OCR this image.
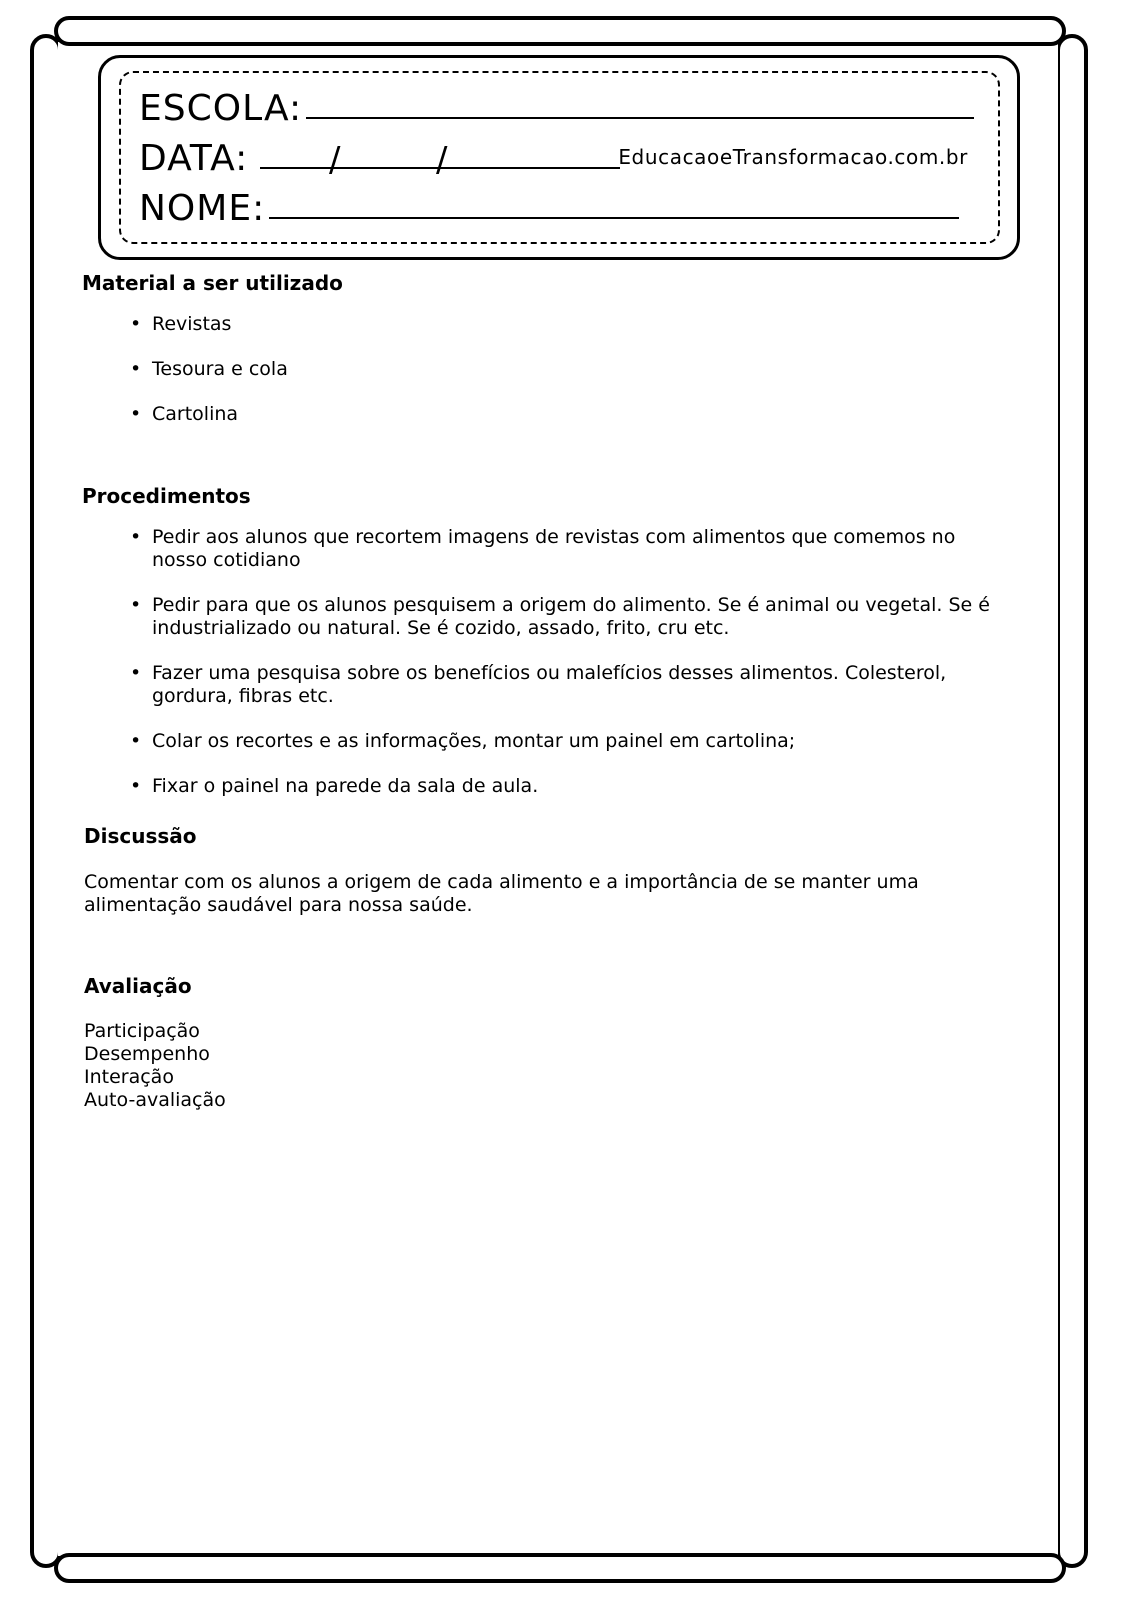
ESCOLA:
DATA: /	/	EducacaoeTransformacao.com.br
NOME:
Material a ser utilizado
• Revistas
• Tesoura e cola
• Cartolina
Procedimentos
• Pedir aos alunos que recortem imagens de revistas com alimentos que comemos no nosso cotidiano
• Pedir para que os alunos pesquisem a origem do alimento. Se é animal ou vegetal. Se é industrializado ou natural. Se é cozido, assado, frito, cru etc.
• Fazer uma pesquisa sobre os benefícios ou malefícios desses alimentos. Colesterol, gordura, fibras etc.
• Colar os recortes e as informações, montar um painel em cartolina;
• Fixar o painel na parede da sala de aula.
Discussão
Comentar com os alunos a origem de cada alimento e a importância de se manter uma alimentação saudável para nossa saúde.
Avaliação
Participação
Desempenho
Interação
Auto-avaliação
